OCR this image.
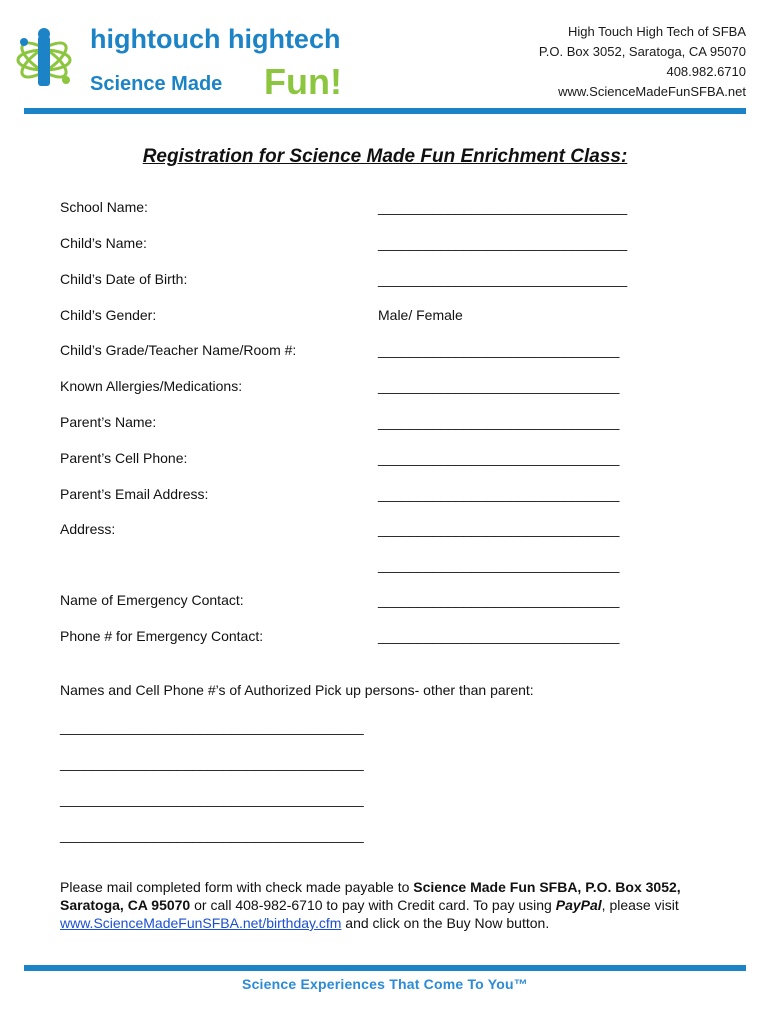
hightouch hightech
Science Made Fun!
High Touch High Tech of SFBA
P.O. Box 3052, Saratoga, CA 95070
408.982.6710
www.ScienceMadeFunSFBA.net
Registration for Science Made Fun Enrichment Class:
School Name:	________________________________
Child’s Name:	________________________________
Child’s Date of Birth:	________________________________
Child’s Gender:	Male/ Female
Child’s Grade/Teacher Name/Room #:	_______________________________
Known Allergies/Medications:	_______________________________
Parent’s Name:	_______________________________
Parent’s Cell Phone:	_______________________________
Parent’s Email Address:	_______________________________
Address:	_______________________________
_______________________________
Name of Emergency Contact:	_______________________________
Phone # for Emergency Contact:	_______________________________
Names and Cell Phone #’s of Authorized Pick up persons- other than parent:
_______________________________________
_______________________________________
_______________________________________
_______________________________________
Please mail completed form with check made payable to Science Made Fun SFBA, P.O. Box 3052, Saratoga, CA 95070 or call 408-982-6710 to pay with Credit card. To pay using PayPal, please visit www.ScienceMadeFunSFBA.net/birthday.cfm and click on the Buy Now button.
Science Experiences That Come To You™
